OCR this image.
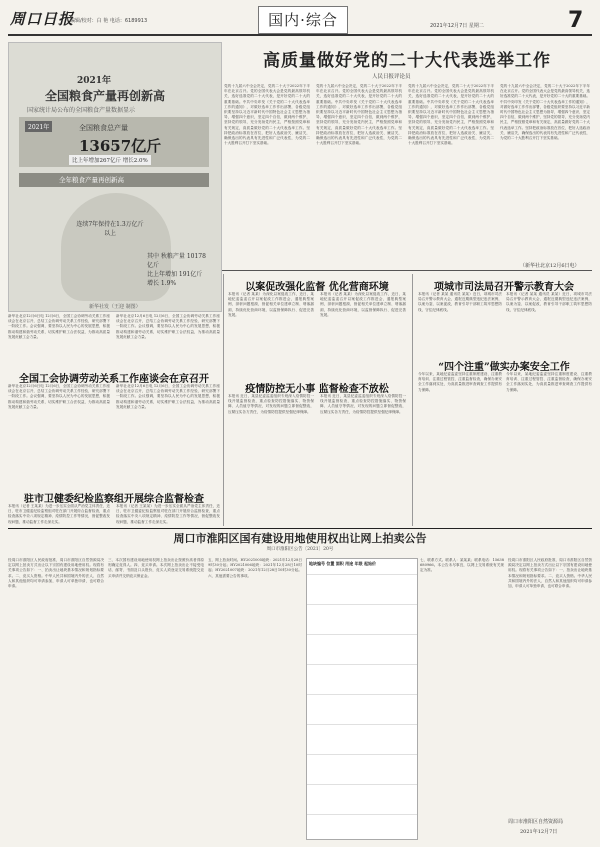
周口日报
编辑/校对：白 艳 电话：6189913	国内·综合	2021年12月7日 星期二	7
2021年
全国粮食产量再创新高
国家统计局公布的全国粮食产量数据显示
2021年	全国粮食总产量
13657亿斤
比上年增加267亿斤 增长2.0%
全年粮食产量再创新高
连续7年保持在1.3万亿斤以上
其中 秋粮产量 10178亿斤
比上年增加 191亿斤 增长 1.9%
新华社发（王迎 制图）
高质量做好党的二十大代表选举工作
人民日报评论员
党的十九届六中全会决定，党的二十大于2022年下半年在北京召开。党的全国代表大会是党的最高领导机关，选好选准党的二十大代表，是开好党的二十大的重要基础。中共中央印发《关于党的二十大代表选举工作的通知》，对做好选举工作作出部署，各级党组织要坚持以习近平新时代中国特色社会主义思想为指导，增强四个意识，坚定四个自信，做到两个维护，坚持党的领导，充分发扬党内民主，严格按照党章和有关规定，高质量做好党的二十大代表选举工作。坚持把政治标准放在首位，把好人选政治关、廉洁关，确保选出的代表具有先进性和广泛代表性，为党的二十大胜利召开打下坚实基础。
党的十九届六中全会决定，党的二十大于2022年下半年在北京召开。党的全国代表大会是党的最高领导机关，选好选准党的二十大代表，是开好党的二十大的重要基础。中共中央印发《关于党的二十大代表选举工作的通知》，对做好选举工作作出部署，各级党组织要坚持以习近平新时代中国特色社会主义思想为指导，增强四个意识，坚定四个自信，做到两个维护，坚持党的领导，充分发扬党内民主，严格按照党章和有关规定，高质量做好党的二十大代表选举工作。坚持把政治标准放在首位，把好人选政治关、廉洁关，确保选出的代表具有先进性和广泛代表性，为党的二十大胜利召开打下坚实基础。
党的十九届六中全会决定，党的二十大于2022年下半年在北京召开。党的全国代表大会是党的最高领导机关，选好选准党的二十大代表，是开好党的二十大的重要基础。中共中央印发《关于党的二十大代表选举工作的通知》，对做好选举工作作出部署，各级党组织要坚持以习近平新时代中国特色社会主义思想为指导，增强四个意识，坚定四个自信，做到两个维护，坚持党的领导，充分发扬党内民主，严格按照党章和有关规定，高质量做好党的二十大代表选举工作。坚持把政治标准放在首位，把好人选政治关、廉洁关，确保选出的代表具有先进性和广泛代表性，为党的二十大胜利召开打下坚实基础。
党的十九届六中全会决定，党的二十大于2022年下半年在北京召开。党的全国代表大会是党的最高领导机关，选好选准党的二十大代表，是开好党的二十大的重要基础。中共中央印发《关于党的二十大代表选举工作的通知》，对做好选举工作作出部署，各级党组织要坚持以习近平新时代中国特色社会主义思想为指导，增强四个意识，坚定四个自信，做到两个维护，坚持党的领导，充分发扬党内民主，严格按照党章和有关规定，高质量做好党的二十大代表选举工作。坚持把政治标准放在首位，把好人选政治关、廉洁关，确保选出的代表具有先进性和广泛代表性，为党的二十大胜利召开打下坚实基础。
（新华社北京12月6日电）
新华社北京12月6日电 12月6日，全国工会协调劳动关系工作座谈会在北京召开，总结工会协调劳动关系工作经验，研究部署下一阶段工作。会议强调，要坚持以人民为中心的发展思想，积极推动构建和谐劳动关系，切实维护职工合法权益，为推动高质量发展贡献工会力量。
新华社北京12月6日电 12月6日，全国工会协调劳动关系工作座谈会在北京召开，总结工会协调劳动关系工作经验，研究部署下一阶段工作。会议强调，要坚持以人民为中心的发展思想，积极推动构建和谐劳动关系，切实维护职工合法权益，为推动高质量发展贡献工会力量。
全国工会协调劳动关系工作座谈会在京召开
新华社北京12月6日电 12月6日，全国工会协调劳动关系工作座谈会在北京召开，总结工会协调劳动关系工作经验，研究部署下一阶段工作。会议强调，要坚持以人民为中心的发展思想，积极推动构建和谐劳动关系，切实维护职工合法权益，为推动高质量发展贡献工会力量。
新华社北京12月6日电 12月6日，全国工会协调劳动关系工作座谈会在北京召开，总结工会协调劳动关系工作经验，研究部署下一阶段工作。会议强调，要坚持以人民为中心的发展思想，积极推动构建和谐劳动关系，切实维护职工合法权益，为推动高质量发展贡献工会力量。
驻市卫健委纪检监察组开展综合监督检查
本报讯（记者 王某某）为进一步压实全面从严治党主体责任，近日，驻市卫健委纪检监察组对驻在部门开展综合监督检查，重点检查落实中央八项规定精神、疫情防控工作等情况，督促整改发现问题，推动监督工作走深走实。
本报讯（记者 王某某）为进一步压实全面从严治党主体责任，近日，驻市卫健委纪检监察组对驻在部门开展综合监督检查，重点检查落实中央八项规定精神、疫情防控工作等情况，督促整改发现问题，推动监督工作走深走实。
以案促改强化监督 优化营商环境
本报讯（记者 某某）为深化以案促改工作，近日，某地纪委监委召开以案促改工作推进会，通报典型案例，剖析问题根源，督促相关单位建章立制、堵塞漏洞，持续优化营商环境，以监督保障执行、促进完善发展。
本报讯（记者 某某）为深化以案促改工作，近日，某地纪委监委召开以案促改工作推进会，通报典型案例，剖析问题根源，督促相关单位建章立制、堵塞漏洞，持续优化营商环境，以监督保障执行、促进完善发展。
疫情防控无小事 监督检查不放松
本报讯 近日，某县纪委监委组织专班深入疫情防控一线开展监督检查，重点检查防控措施落实、物资保障、人员值守等情况，对发现的问题立即督促整改，压紧压实各方责任，为疫情防控提供坚强纪律保障。
本报讯 近日，某县纪委监委组织专班深入疫情防控一线开展监督检查，重点检查防控措施落实、物资保障、人员值守等情况，对发现的问题立即督促整改，压紧压实各方责任，为疫情防控提供坚强纪律保障。
项城市司法局召开警示教育大会
本报讯（记者 某某 通讯员 某某）近日，项城市司法局召开警示教育大会，通报近期典型违纪违法案例，以案为鉴、以案促改，教育引导干部职工筑牢思想防线，守住纪律底线。
本报讯（记者 某某 通讯员 某某）近日，项城市司法局召开警示教育大会，通报近期典型违纪违法案例，以案为鉴、以案促改，教育引导干部职工筑牢思想防线，守住纪律底线。
“四个注重”做实办案安全工作
今年以来，某地纪委监委坚持注重制度建设、注重教育培训、注重过程管控、注重监督检查，确保办案安全工作落到实处，为高质量推进审查调查工作提供有力保障。
今年以来，某地纪委监委坚持注重制度建设、注重教育培训、注重过程管控、注重监督检查，确保办案安全工作落到实处，为高质量推进审查调查工作提供有力保障。
周口市淮阳区国有建设用地使用权出让网上拍卖公告
周口市淮阳区公告〔2021〕20号
经周口市淮阳区人民政府批准，周口市淮阳区自然资源局决定以网上拍卖方式出让以下宗国有建设用地使用权。现将有关事项公告如下：一、拍卖出让地块基本情况和规划指标要求。二、竞买人资格。中华人民共和国境内外的法人、自然人和其他组织均可申请参加，申请人可单独申请，也可联合申请。
三、本次国有建设用地使用权网上拍卖出让按照价高者得原则确定竞得人。四、竞买申请。本次网上拍卖出让不接受电话、邮寄、书面及口头报价，竞买人须登录交易系统提交竞买申请并交纳竞买保证金。
五、网上拍卖时间。HY2021005地块：2021年12月28日9时30分起；HY2021006地块：2021年12月28日10时起；HY2021007地块：2021年12月28日10时30分起。六、其他需要公告的事项。
地块编号 位置 面积 用途 年限 起始价
七、联系方式。联系人：某某某；联系电话：15638680966。本公告未尽事宜，以网上交易系统有关规定为准。
经周口市淮阳区人民政府批准，周口市淮阳区自然资源局决定以网上拍卖方式出让以下宗国有建设用地使用权。现将有关事项公告如下：一、拍卖出让地块基本情况和规划指标要求。二、竞买人资格。中华人民共和国境内外的法人、自然人和其他组织均可申请参加，申请人可单独申请，也可联合申请。
周口市淮阳区自然资源局
2021年12月7日
